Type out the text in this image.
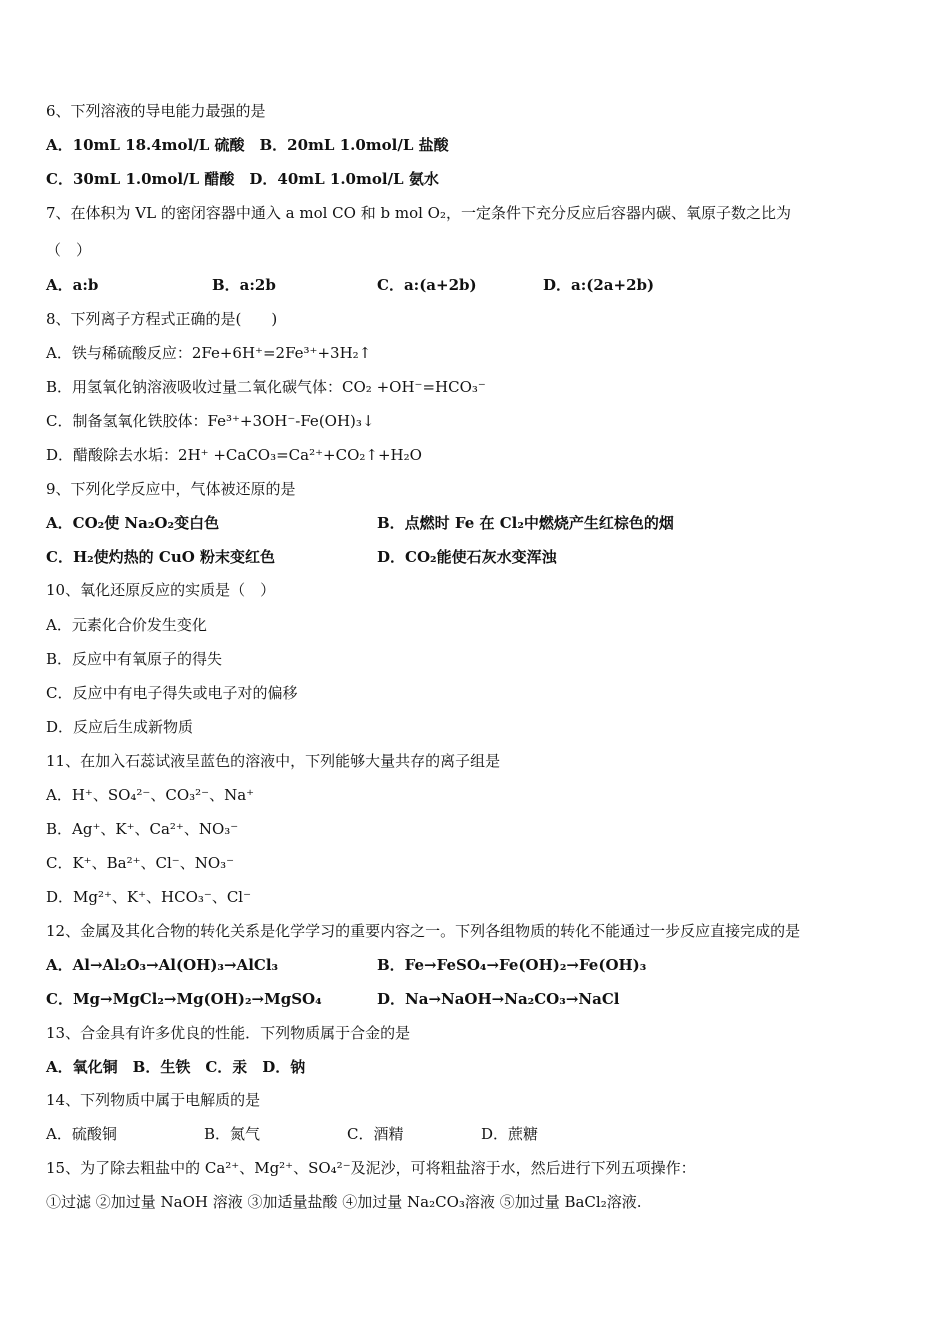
6、下列溶液的导电能力最强的是
A．10mL 18.4mol/L 硫酸　B．20mL 1.0mol/L 盐酸
C．30mL 1.0mol/L 醋酸　D．40mL 1.0mol/L 氨水
7、在体积为 VL 的密闭容器中通入 a mol CO 和 b mol O₂，一定条件下充分反应后容器内碳、氧原子数之比为
（　）
A．a:b	B．a:2b	C．a:(a+2b)	D．a:(2a+2b)
8、下列离子方程式正确的是(　　)
A．铁与稀硫酸反应：2Fe+6H⁺=2Fe³⁺+3H₂↑
B．用氢氧化钠溶液吸收过量二氧化碳气体：CO₂ +OH⁻=HCO₃⁻
C．制备氢氧化铁胶体：Fe³⁺+3OH⁻-Fe(OH)₃↓
D．醋酸除去水垢：2H⁺ +CaCO₃=Ca²⁺+CO₂↑+H₂O
9、下列化学反应中，气体被还原的是
A．CO₂使 Na₂O₂变白色	B．点燃时 Fe 在 Cl₂中燃烧产生红棕色的烟
C．H₂使灼热的 CuO 粉末变红色	D．CO₂能使石灰水变浑浊
10、氧化还原反应的实质是（　）
A．元素化合价发生变化
B．反应中有氧原子的得失
C．反应中有电子得失或电子对的偏移
D．反应后生成新物质
11、在加入石蕊试液呈蓝色的溶液中，下列能够大量共存的离子组是
A．H⁺、SO₄²⁻、CO₃²⁻、Na⁺
B．Ag⁺、K⁺、Ca²⁺、NO₃⁻
C．K⁺、Ba²⁺、Cl⁻、NO₃⁻
D．Mg²⁺、K⁺、HCO₃⁻、Cl⁻
12、金属及其化合物的转化关系是化学学习的重要内容之一。下列各组物质的转化不能通过一步反应直接完成的是
A．Al→Al₂O₃→Al(OH)₃→AlCl₃	B．Fe→FeSO₄→Fe(OH)₂→Fe(OH)₃
C．Mg→MgCl₂→Mg(OH)₂→MgSO₄	D．Na→NaOH→Na₂CO₃→NaCl
13、合金具有许多优良的性能．下列物质属于合金的是
A．氧化铜　B．生铁　C．汞　D．钠
14、下列物质中属于电解质的是
A．硫酸铜	B．氮气	C．酒精	D．蔗糖
15、为了除去粗盐中的 Ca²⁺、Mg²⁺、SO₄²⁻及泥沙，可将粗盐溶于水，然后进行下列五项操作：
①过滤 ②加过量 NaOH 溶液 ③加适量盐酸 ④加过量 Na₂CO₃溶液 ⑤加过量 BaCl₂溶液.
